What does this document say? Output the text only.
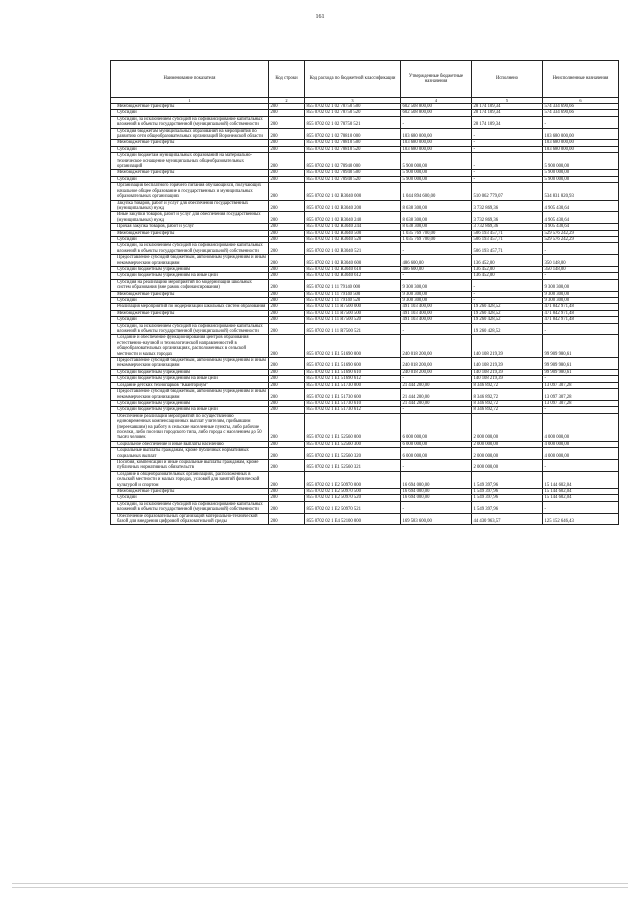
161
Наименование показателя	Код строки	Код расхода по бюджетной классификации	Утвержденные бюджетные назначения	Исполнено	Неисполненные назначения
1	2	3	4	5	6
Межбюджетные трансферты	200	855 0702 02 1 02 78750 500	602 508 800,00	28 174 109,34	574 334 690,66
Субсидии	200	855 0702 02 1 02 78750 520	602 508 800,00	28 174 109,34	574 334 690,66
Субсидии, за исключением субсидий на софинансирование капитальных вложений в объекты государственной (муниципальной) собственности	200	855 0702 02 1 02 78750 521	-	28 174 109,34	-
Субсидия бюджетам муниципальных образований на мероприятия по развитию сети общеобразовательных организаций Воронежской области	200	855 0702 02 1 02 78810 000	103 680 000,00	-	103 680 000,00
Межбюджетные трансферты	200	855 0702 02 1 02 78810 500	103 680 000,00	-	103 680 000,00
Субсидии	200	855 0702 02 1 02 78810 520	103 680 000,00	-	103 680 000,00
Субсидии бюджетам муниципальных образований на материально-техническое оснащение муниципальных общеобразовательных организаций	200	855 0702 02 1 02 78940 000	5 900 000,00	-	5 900 000,00
Межбюджетные трансферты	200	855 0702 02 1 02 78940 500	5 900 000,00	-	5 900 000,00
Субсидии	200	855 0702 02 1 02 78940 520	5 900 000,00	-	5 900 000,00
Организация бесплатного горячего питания обучающихся, получающих начальное общее образование в государственных и муниципальных образовательных организациях	200	855 0702 02 1 02 R3040 000	1 044 894 600,00	510 062 779,07	534 831 820,93
Закупка товаров, работ и услуг для обеспечения государственных (муниципальных) нужд	200	855 0702 02 1 02 R3040 200	8 638 300,00	3 732 869,36	4 905 430,64
Иные закупки товаров, работ и услуг для обеспечения государственных (муниципальных) нужд	200	855 0702 02 1 02 R3040 240	8 638 300,00	3 732 869,36	4 905 430,64
Прочая закупка товаров, работ и услуг	200	855 0702 02 1 02 R3040 244	8 638 300,00	3 732 869,36	4 905 430,64
Межбюджетные трансферты	200	855 0702 02 1 02 R3040 500	1 035 769 700,00	506 193 457,71	529 576 242,29
Субсидии	200	855 0702 02 1 02 R3040 520	1 035 769 700,00	506 193 457,71	529 576 242,29
Субсидии, за исключением субсидий на софинансирование капитальных вложений в объекты государственной (муниципальной) собственности	200	855 0702 02 1 02 R3040 521	-	506 193 457,71	-
Предоставление субсидий бюджетным, автономным учреждениям и иным некоммерческим организациям	200	855 0702 02 1 02 R3040 600	486 600,00	136 452,00	350 148,00
Субсидии бюджетным учреждениям	200	855 0702 02 1 02 R3040 610	486 600,00	136 452,00	350 148,00
Субсидии бюджетным учреждениям на иные цели	200	855 0702 02 1 02 R3040 612	-	136 452,00	-
Субсидия на реализацию мероприятий по модернизации школьных систем образования (вне рамок софинансирования)	200	855 0702 02 1 11 79140 000	9 300 300,00	-	9 300 300,00
Межбюджетные трансферты	200	855 0702 02 1 11 79140 500	9 300 300,00	-	9 300 300,00
Субсидии	200	855 0702 02 1 11 79140 520	9 300 300,00	-	9 300 300,00
Реализация мероприятий по модернизации школьных систем образования	200	855 0702 02 1 11 R7500 000	491 103 400,00	19 260 428,52	471 842 971,48
Межбюджетные трансферты	200	855 0702 02 1 11 R7500 500	491 103 400,00	19 260 428,52	471 842 971,48
Субсидии	200	855 0702 02 1 11 R7500 520	491 103 400,00	19 260 428,52	471 842 971,48
Субсидии, за исключением субсидий на софинансирование капитальных вложений в объекты государственной (муниципальной) собственности	200	855 0702 02 1 11 R7500 521	-	19 260 428,52	-
Создание и обеспечение функционирования центров образования естественно-научной и технологической направленностей в общеобразовательных организациях, расположенных в сельской местности и малых городах	200	855 0702 02 1 E1 51690 000	240 018 200,00	140 108 219,39	99 909 980,61
Предоставление субсидий бюджетным, автономным учреждениям и иным некоммерческим организациям	200	855 0702 02 1 E1 51690 600	240 018 200,00	140 108 219,39	99 909 980,61
Субсидии бюджетным учреждениям	200	855 0702 02 1 E1 51690 610	240 018 200,00	140 108 219,39	99 909 980,61
Субсидии бюджетным учреждениям на иные цели	200	855 0702 02 1 E1 51690 612	-	140 108 219,39	-
Создание детских технопарков "Кванториум"	200	855 0702 02 1 E1 51730 000	21 444 200,00	8 346 892,72	13 097 307,28
Предоставление субсидий бюджетным, автономным учреждениям и иным некоммерческим организациям	200	855 0702 02 1 E1 51730 600	21 444 200,00	8 346 892,72	13 097 307,28
Субсидии бюджетным учреждениям	200	855 0702 02 1 E1 51730 610	21 444 200,00	8 346 892,72	13 097 307,28
Субсидии бюджетным учреждениям на иные цели	200	855 0702 02 1 E1 51730 612	-	8 346 892,72	-
Обеспечение реализации мероприятий по осуществлению единовременных компенсационных выплат учителям, прибывшим (переехавшим) на работу в сельские населенные пункты, либо рабочие поселки, либо поселки городского типа, либо города с населением до 50 тысяч человек	200	855 0702 02 1 E1 52560 000	6 000 000,00	2 000 000,00	4 000 000,00
Социальное обеспечение и иные выплаты населению	200	855 0702 02 1 E1 52560 300	6 000 000,00	2 000 000,00	4 000 000,00
Социальные выплаты гражданам, кроме публичных нормативных социальных выплат	200	855 0702 02 1 E1 52560 320	6 000 000,00	2 000 000,00	4 000 000,00
Пособия, компенсации и иные социальные выплаты гражданам, кроме публичных нормативных обязательств	200	855 0702 02 1 E1 52560 321	-	2 000 000,00	-
Создание в общеобразовательных организациях, расположенных в сельской местности и малых городах, условий для занятий физической культурой и спортом	200	855 0702 02 1 E2 50970 000	16 694 000,00	1 549 397,96	15 144 602,04
Межбюджетные трансферты	200	855 0702 02 1 E2 50970 500	16 694 000,00	1 549 397,96	15 144 602,04
Субсидии	200	855 0702 02 1 E2 50970 520	16 694 000,00	1 549 397,96	15 144 602,04
Субсидии, за исключением субсидий на софинансирование капитальных вложений в объекты государственной (муниципальной) собственности	200	855 0702 02 1 E2 50970 521	-	1 549 397,96	-
Обеспечение образовательных организаций материально-технической базой для внедрения цифровой образовательной среды	200	855 0702 02 1 E4 52100 000	169 583 600,00	44 430 963,57	125 152 646,43
